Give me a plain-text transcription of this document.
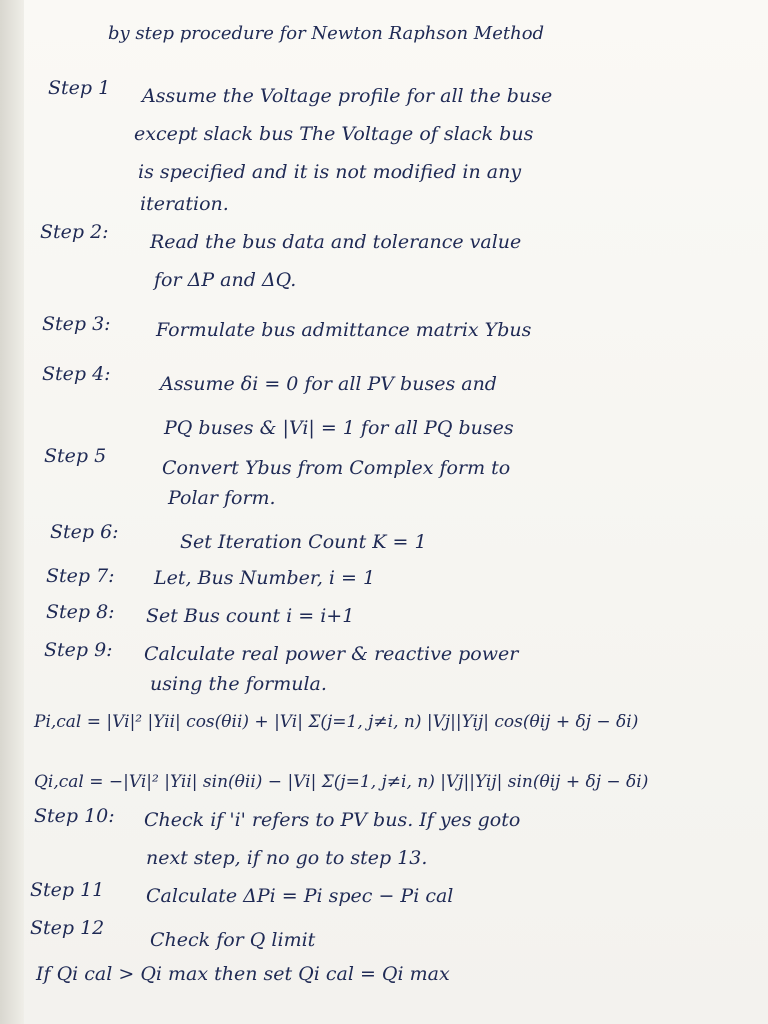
by step procedure for Newton Raphson Method
Step 1 Assume the Voltage profile for all the buse
except slack bus The Voltage of slack bus
is specified and it is not modified in any
iteration.
Step 2: Read the bus data and tolerance value
for ΔP and ΔQ.
Step 3: Formulate bus admittance matrix Ybus
Step 4:	Assume δi = 0 for all PV buses and
PQ buses & |Vi| = 1 for all PQ buses
Step 5
Convert Ybus from Complex form to
Polar form.
Step 6:	Set Iteration Count K = 1
Step 7: Let, Bus Number, i = 1
Step 8: Set Bus count i = i+1
Step 9: Calculate real power & reactive power
using the formula.
Pi,cal = |Vi|² |Yii| cos(θii) + |Vi| Σ(j=1, j≠i, n) |Vj||Yij| cos(θij + δj − δi)
Qi,cal = −|Vi|² |Yii| sin(θii) − |Vi| Σ(j=1, j≠i, n) |Vj||Yij| sin(θij + δj − δi)
Step 10: Check if 'i' refers to PV bus. If yes goto
next step, if no go to step 13.
Step 11 Calculate ΔPi = Pi spec − Pi cal
Step 12
Check for Q limit
If Qi cal > Qi max then set Qi cal = Qi max
